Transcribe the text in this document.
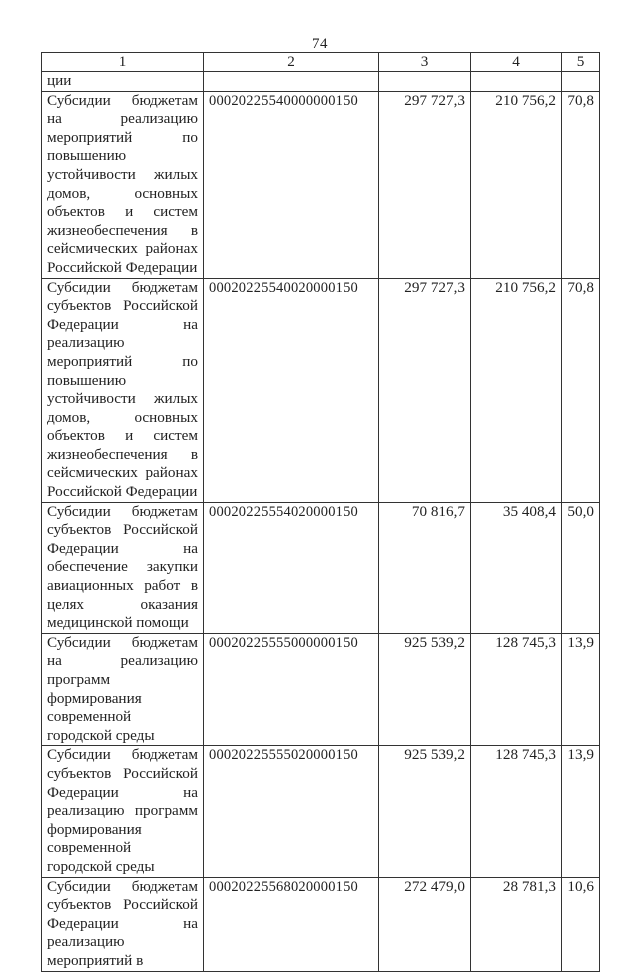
74
1	2	3	4	5
ции				
Субсидии бюджетам на реализацию мероприятий по повышению устойчивости жилых домов, основных объектов и систем жизнеобеспечения в сейсмических районах Российской Федерации	00020225540000000150	297 727,3	210 756,2	70,8
Субсидии бюджетам субъектов Российской Федерации на реализацию мероприятий по повышению устойчивости жилых домов, основных объектов и систем жизнеобеспечения в сейсмических районах Российской Федерации	00020225540020000150	297 727,3	210 756,2	70,8
Субсидии бюджетам субъектов Российской Федерации на обеспечение закупки авиационных работ в целях оказания медицинской помощи	00020225554020000150	70 816,7	35 408,4	50,0
Субсидии бюджетам на реализацию программ формирования современной городской среды	00020225555000000150	925 539,2	128 745,3	13,9
Субсидии бюджетам субъектов Российской Федерации на реализацию программ формирования современной городской среды	00020225555020000150	925 539,2	128 745,3	13,9
Субсидии бюджетам субъектов Российской Федерации на реализацию мероприятий в	00020225568020000150	272 479,0	28 781,3	10,6
